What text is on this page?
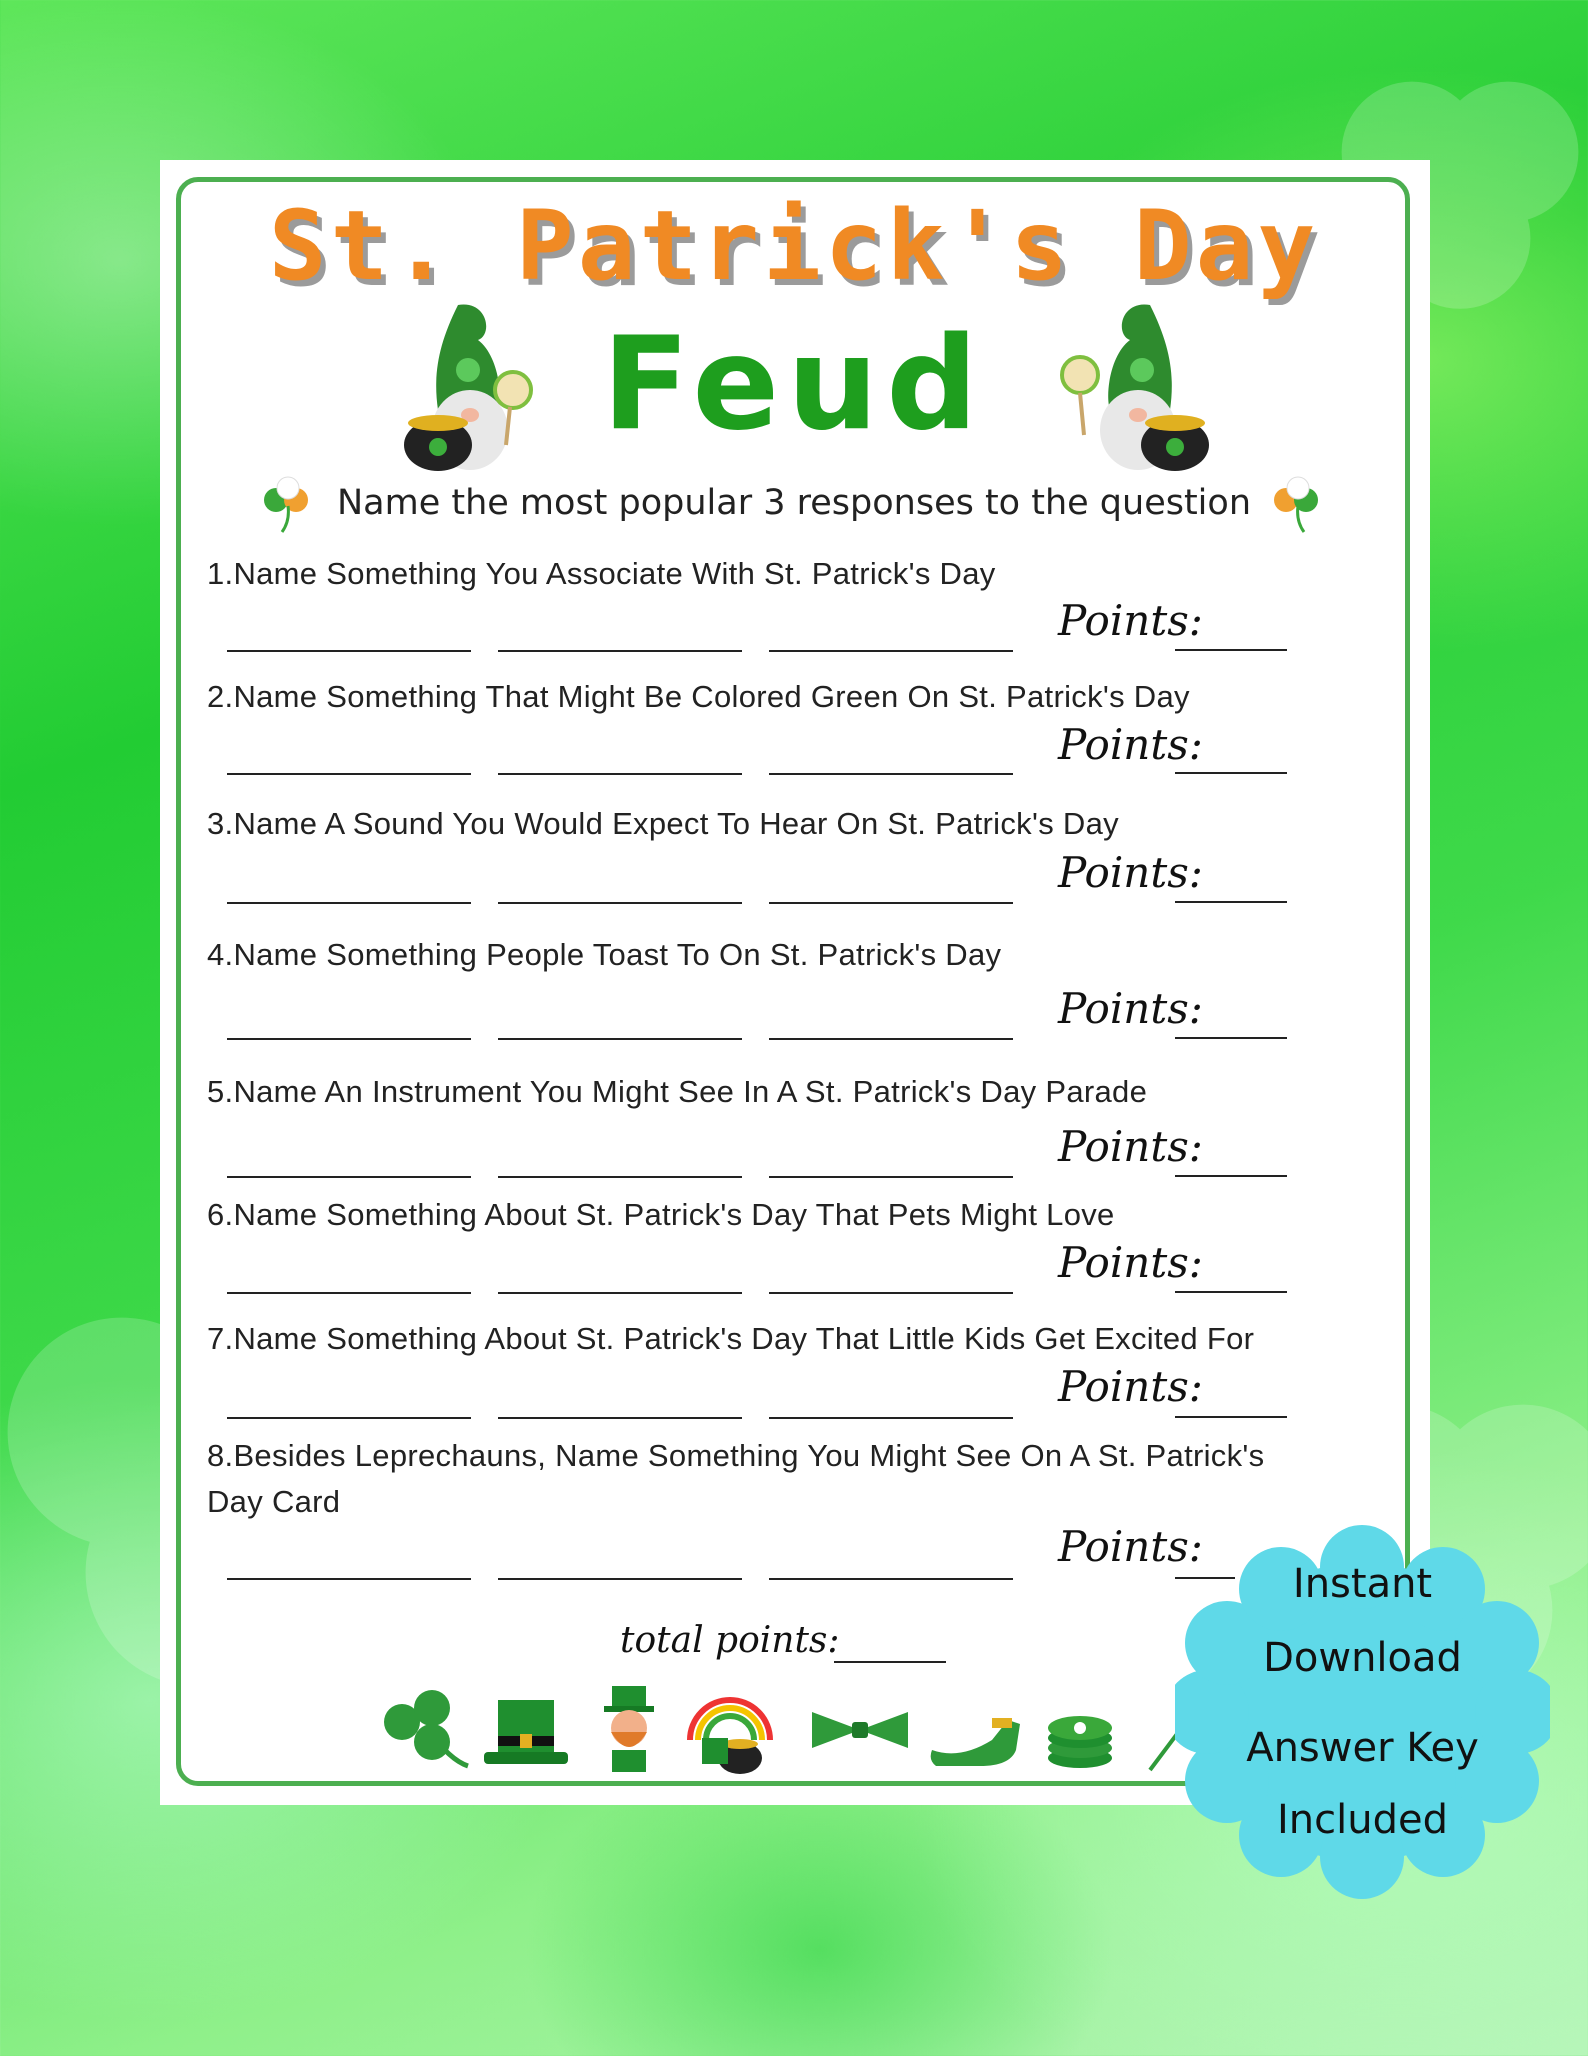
St. Patrick's Day
Feud
Name the most popular 3 responses to the question
1.Name Something You Associate With St. Patrick's Day
Points:
2.Name Something That Might Be Colored Green On St. Patrick's Day
Points:
3.Name A Sound You Would Expect To Hear On St. Patrick's Day
Points:
4.Name Something People Toast To On St. Patrick's Day
Points:
5.Name An Instrument You Might See In A St. Patrick's Day Parade
Points:
6.Name Something About St. Patrick's Day That Pets Might Love
Points:
7.Name Something About St. Patrick's Day That Little Kids Get Excited For
Points:
8.Besides Leprechauns, Name Something You Might See On A St. Patrick's Day Card
Points:
total points:
Instant
Download
Answer Key
Included
